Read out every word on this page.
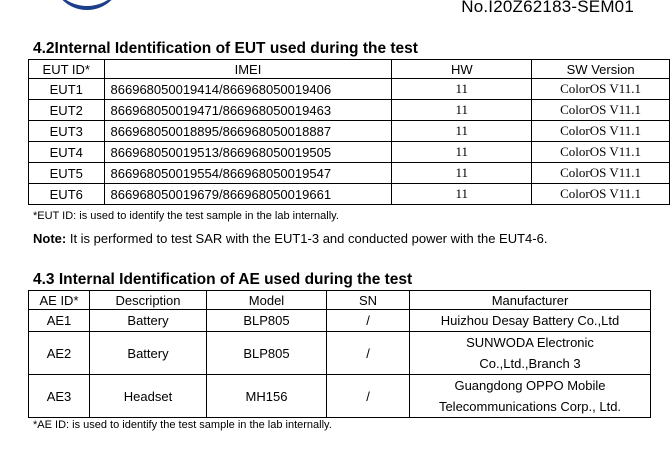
No.I20Z62183-SEM01
4.2Internal Identification of EUT used during the test
EUT ID*	IMEI	HW	SW Version
EUT1	866968050019414/866968050019406	11	ColorOS V11.1
EUT2	866968050019471/866968050019463	11	ColorOS V11.1
EUT3	866968050018895/866968050018887	11	ColorOS V11.1
EUT4	866968050019513/866968050019505	11	ColorOS V11.1
EUT5	866968050019554/866968050019547	11	ColorOS V11.1
EUT6	866968050019679/866968050019661	11	ColorOS V11.1
*EUT ID: is used to identify the test sample in the lab internally.
Note: It is performed to test SAR with the EUT1-3 and conducted power with the EUT4-6.
4.3 Internal Identification of AE used during the test
AE ID*	Description	Model	SN	Manufacturer
AE1	Battery	BLP805	/	Huizhou Desay Battery Co.,Ltd

AE2	Battery	BLP805	/	SUNWODA Electronic
Co.,Ltd.,Branch 3

AE3	Headset	MH156	/	Guangdong OPPO Mobile
Telecommunications Corp., Ltd.
*AE ID: is used to identify the test sample in the lab internally.
